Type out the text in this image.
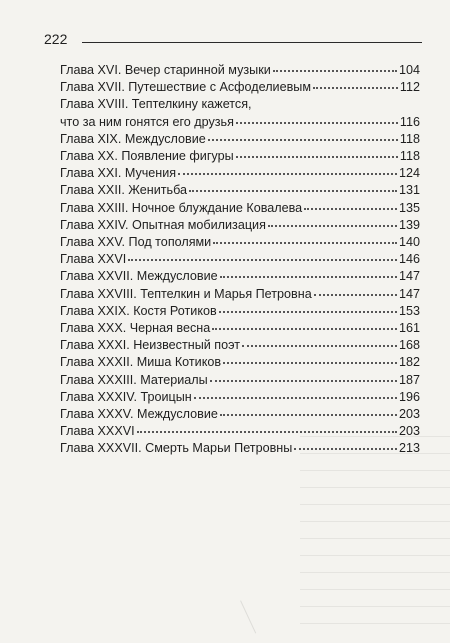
222
Глава XVI. Вечер старинной музыки	104
Глава XVII. Путешествие с Асфоделиевым	112
Глава XVIII. Тептелкину кажется,
что за ним гонятся его друзья	116
Глава XIX. Междусловие	118
Глава XX. Появление фигуры	118
Глава XXI. Мучения	124
Глава XXII. Женитьба	131
Глава XXIII. Ночное блуждание Ковалева	135
Глава XXIV. Опытная мобилизация	139
Глава XXV. Под тополями	140
Глава XXVI	146
Глава XXVII. Междусловие	147
Глава XXVIII. Тептелкин и Марья Петровна	147
Глава XXIX. Костя Ротиков	153
Глава XXX. Черная весна	161
Глава XXXI. Неизвестный поэт	168
Глава XXXII. Миша Котиков	182
Глава XXXIII. Материалы	187
Глава XXXIV. Троицын	196
Глава XXXV. Междусловие	203
Глава XXXVI	203
Глава XXXVII. Смерть Марьи Петровны	213
